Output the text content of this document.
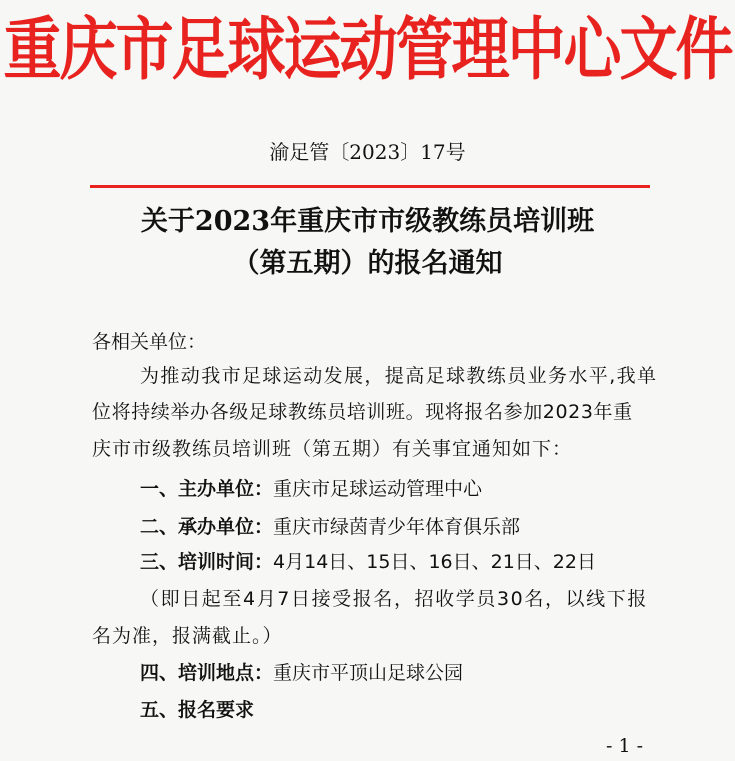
重庆市足球运动管理中心文件
渝足管〔2023〕17号
关于2023年重庆市市级教练员培训班
（第五期）的报名通知
各相关单位：
为推动我市足球运动发展，提高足球教练员业务水平,我单
位将持续举办各级足球教练员培训班。现将报名参加2023年重
庆市市级教练员培训班（第五期）有关事宜通知如下：
一、主办单位：重庆市足球运动管理中心
二、承办单位：重庆市绿茵青少年体育俱乐部
三、培训时间：4月14日、15日、16日、21日、22日
（即日起至4月7日接受报名，招收学员30名，以线下报
名为准，报满截止。）
四、培训地点：重庆市平顶山足球公园
五、报名要求
- 1 -
